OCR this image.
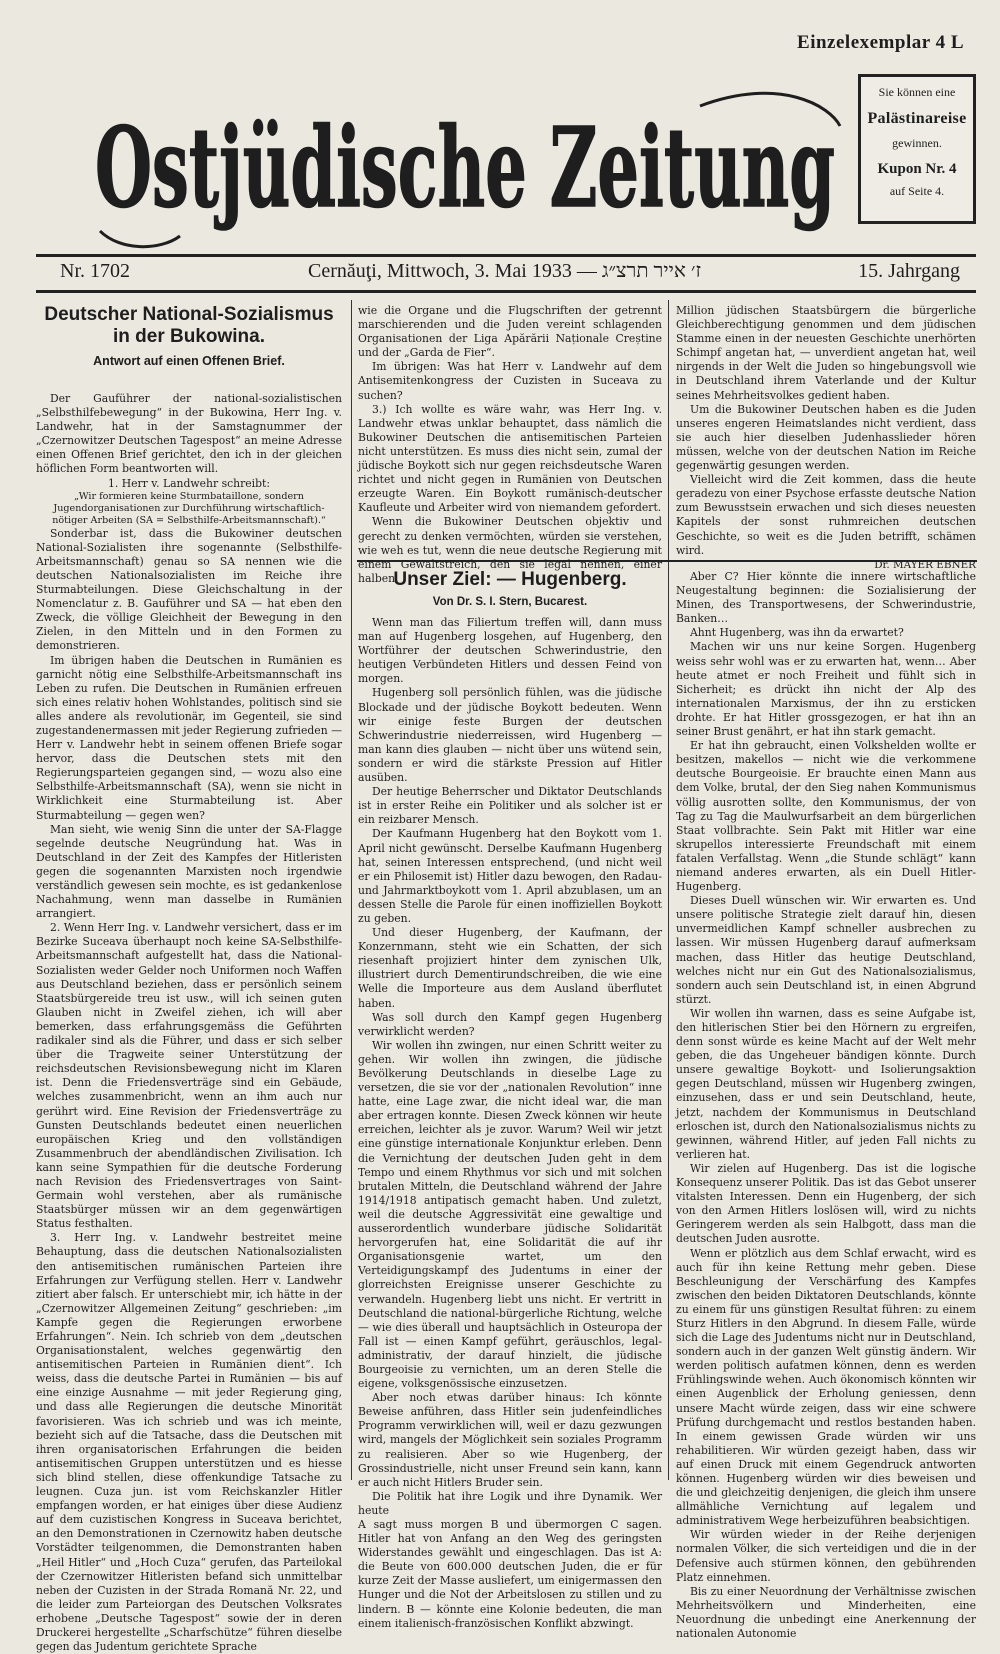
Einzelexemplar 4 L
Ostjüdische Zeitung
Sie können eine
Palästinareise
gewinnen.
Kupon Nr. 4
auf Seite 4.
Nr. 1702	Cernăuţi, Mittwoch, 3. Mai 1933 — ז׳ אייר תרצ״ג	15. Jahrgang
Deutscher National-Sozialismus in der Bukowina.
Antwort auf einen Offenen Brief.

Der Gauführer der national-sozialistischen „Selbsthilfebewegung“ in der Bukowina, Herr Ing. v. Landwehr, hat in der Samstagnummer der „Czernowitzer Deutschen Tagespost“ an meine Adresse einen Offenen Brief gerichtet, den ich in der gleichen höflichen Form beantworten will.

1. Herr v. Landwehr schreibt:

„Wir formieren keine Sturmbataillone, sondern Jugendorganisationen zur Durchführung wirtschaftlich-nötiger Arbeiten (SA = Selbsthilfe-Arbeitsmannschaft).“

Sonderbar ist, dass die Bukowiner deutschen National-Sozialisten ihre sogenannte (Selbsthilfe-Arbeitsmannschaft) genau so SA nennen wie die deutschen Nationalsozialisten im Reiche ihre Sturmabteilungen. Diese Gleichschaltung in der Nomenclatur z. B. Gauführer und SA — hat eben den Zweck, die völlige Gleichheit der Bewegung in den Zielen, in den Mitteln und in den Formen zu demonstrieren.

Im übrigen haben die Deutschen in Rumänien es garnicht nötig eine Selbsthilfe-Arbeitsmannschaft ins Leben zu rufen. Die Deutschen in Rumänien erfreuen sich eines relativ hohen Wohlstandes, politisch sind sie alles andere als revolutionär, im Gegenteil, sie sind zugestandenermassen mit jeder Regierung zufrieden — Herr v. Landwehr hebt in seinem offenen Briefe sogar hervor, dass die Deutschen stets mit den Regierungsparteien gegangen sind, — wozu also eine Selbsthilfe-Arbeitsmannschaft (SA), wenn sie nicht in Wirklichkeit eine Sturmabteilung ist. Aber Sturmabteilung — gegen wen?

Man sieht, wie wenig Sinn die unter der SA-Flagge segelnde deutsche Neugründung hat. Was in Deutschland in der Zeit des Kampfes der Hitleristen gegen die sogenannten Marxisten noch irgendwie verständlich gewesen sein mochte, es ist gedankenlose Nachahmung, wenn man dasselbe in Rumänien arrangiert.

2. Wenn Herr Ing. v. Landwehr versichert, dass er im Bezirke Suceava überhaupt noch keine SA-Selbsthilfe-Arbeitsmannschaft aufgestellt hat, dass die National-Sozialisten weder Gelder noch Uniformen noch Waffen aus Deutschland beziehen, dass er persönlich seinem Staatsbürgereide treu ist usw., will ich seinen guten Glauben nicht in Zweifel ziehen, ich will aber bemerken, dass erfahrungsgemäss die Geführten radikaler sind als die Führer, und dass er sich selber über die Tragweite seiner Unterstützung der reichsdeutschen Revisionsbewegung nicht im Klaren ist. Denn die Friedensverträge sind ein Gebäude, welches zusammenbricht, wenn an ihm auch nur gerührt wird. Eine Revision der Friedensverträge zu Gunsten Deutschlands bedeutet einen neuerlichen europäischen Krieg und den vollständigen Zusammenbruch der abendländischen Zivilisation. Ich kann seine Sympathien für die deutsche Forderung nach Revision des Friedensvertrages von Saint-Germain wohl verstehen, aber als rumänische Staatsbürger müssen wir an dem gegenwärtigen Status festhalten.

3. Herr Ing. v. Landwehr bestreitet meine Behauptung, dass die deutschen Nationalsozialisten den antisemitischen rumänischen Parteien ihre Erfahrungen zur Verfügung stellen. Herr v. Landwehr zitiert aber falsch. Er unterschiebt mir, ich hätte in der „Czernowitzer Allgemeinen Zeitung“ geschrieben: „im Kampfe gegen die Regierungen erworbene Erfahrungen“. Nein. Ich schrieb von dem „deutschen Organisationstalent, welches gegenwärtig den antisemitischen Parteien in Rumänien dient“. Ich weiss, dass die deutsche Partei in Rumänien — bis auf eine einzige Ausnahme — mit jeder Regierung ging, und dass alle Regierungen die deutsche Minorität favorisieren. Was ich schrieb und was ich meinte, bezieht sich auf die Tatsache, dass die Deutschen mit ihren organisatorischen Erfahrungen die beiden antisemitischen Gruppen unterstützen und es hiesse sich blind stellen, diese offenkundige Tatsache zu leugnen. Cuza jun. ist vom Reichskanzler Hitler empfangen worden, er hat einiges über diese Audienz auf dem cuzistischen Kongress in Suceava berichtet, an den Demonstrationen in Czernowitz haben deutsche Vorstädter teilgenommen, die Demonstranten haben „Heil Hitler“ und „Hoch Cuza“ gerufen, das Parteilokal der Czernowitzer Hitleristen befand sich unmittelbar neben der Cuzisten in der Strada Romană Nr. 22, und die leider zum Parteiorgan des Deutschen Volksrates erhobene „Deutsche Tagespost“ sowie der in deren Druckerei hergestellte „Scharfschütze“ führen dieselbe gegen das Judentum gerichtete Sprache

wie die Organe und die Flugschriften der getrennt marschierenden und die Juden vereint schlagenden Organisationen der Liga Apărării Naționale Creștine und der „Garda de Fier“.

Im übrigen: Was hat Herr v. Landwehr auf dem Antisemitenkongress der Cuzisten in Suceava zu suchen?

3.) Ich wollte es wäre wahr, was Herr Ing. v. Landwehr etwas unklar behauptet, dass nämlich die Bukowiner Deutschen die antisemitischen Parteien nicht unterstützen. Es muss dies nicht sein, zumal der jüdische Boykott sich nur gegen reichsdeutsche Waren richtet und nicht gegen in Rumänien von Deutschen erzeugte Waren. Ein Boykott rumänisch-deutscher Kaufleute und Arbeiter wird von niemandem gefordert.

Wenn die Bukowiner Deutschen objektiv und gerecht zu denken vermöchten, würden sie verstehen, wie weh es tut, wenn die neue deutsche Regierung mit einem Gewaltstreich, den sie legal nennen, einer halben

Million jüdischen Staatsbürgern die bürgerliche Gleichberechtigung genommen und dem jüdischen Stamme einen in der neuesten Geschichte unerhörten Schimpf angetan hat, — unverdient angetan hat, weil nirgends in der Welt die Juden so hingebungsvoll wie in Deutschland ihrem Vaterlande und der Kultur seines Mehrheitsvolkes gedient haben.

Um die Bukowiner Deutschen haben es die Juden unseres engeren Heimatslandes nicht verdient, dass sie auch hier dieselben Judenhasslieder hören müssen, welche von der deutschen Nation im Reiche gegenwärtig gesungen werden.

Vielleicht wird die Zeit kommen, dass die heute geradezu von einer Psychose erfasste deutsche Nation zum Bewusstsein erwachen und sich dieses neuesten Kapitels der sonst ruhmreichen deutschen Geschichte, so weit es die Juden betrifft, schämen wird.

Dr. MAYER EBNER

Unser Ziel: — Hugenberg.
Von Dr. S. I. Stern, Bucarest.

Wenn man das Filiertum treffen will, dann muss man auf Hugenberg losgehen, auf Hugenberg, den Wortführer der deutschen Schwerindustrie, den heutigen Verbündeten Hitlers und dessen Feind von morgen.

Hugenberg soll persönlich fühlen, was die jüdische Blockade und der jüdische Boykott bedeuten. Wenn wir einige feste Burgen der deutschen Schwerindustrie niederreissen, wird Hugenberg — man kann dies glauben — nicht über uns wütend sein, sondern er wird die stärkste Pression auf Hitler ausüben.

Der heutige Beherrscher und Diktator Deutschlands ist in erster Reihe ein Politiker und als solcher ist er ein reizbarer Mensch.

Der Kaufmann Hugenberg hat den Boykott vom 1. April nicht gewünscht. Derselbe Kaufmann Hugenberg hat, seinen Interessen entsprechend, (und nicht weil er ein Philosemit ist) Hitler dazu bewogen, den Radau- und Jahrmarktboykott vom 1. April abzublasen, um an dessen Stelle die Parole für einen inoffiziellen Boykott zu geben.

Und dieser Hugenberg, der Kaufmann, der Konzernmann, steht wie ein Schatten, der sich riesenhaft projiziert hinter dem zynischen Ulk, illustriert durch Dementirundschreiben, die wie eine Welle die Importeure aus dem Ausland überflutet haben.

Was soll durch den Kampf gegen Hugenberg verwirklicht werden?

Wir wollen ihn zwingen, nur einen Schritt weiter zu gehen. Wir wollen ihn zwingen, die jüdische Bevölkerung Deutschlands in dieselbe Lage zu versetzen, die sie vor der „nationalen Revolution“ inne hatte, eine Lage zwar, die nicht ideal war, die man aber ertragen konnte. Diesen Zweck können wir heute erreichen, leichter als je zuvor. Warum? Weil wir jetzt eine günstige internationale Konjunktur erleben. Denn die Vernichtung der deutschen Juden geht in dem Tempo und einem Rhythmus vor sich und mit solchen brutalen Mitteln, die Deutschland während der Jahre 1914/1918 antipatisch gemacht haben. Und zuletzt, weil die deutsche Aggressivität eine gewaltige und ausserordentlich wunderbare jüdische Solidarität hervorgerufen hat, eine Solidarität die auf ihr Organisationsgenie wartet, um den Verteidigungskampf des Judentums in einer der glorreichsten Ereignisse unserer Geschichte zu verwandeln. Hugenberg liebt uns nicht. Er vertritt in Deutschland die national-bürgerliche Richtung, welche — wie dies überall und hauptsächlich in Osteuropa der Fall ist — einen Kampf geführt, geräuschlos, legal-administrativ, der darauf hinzielt, die jüdische Bourgeoisie zu vernichten, um an deren Stelle die eigene, volksgenössische einzusetzen.

Aber noch etwas darüber hinaus: Ich könnte Beweise anführen, dass Hitler sein judenfeindliches Programm verwirklichen will, weil er dazu gezwungen wird, mangels der Möglichkeit sein soziales Programm zu realisieren. Aber so wie Hugenberg, der Grossindustrielle, nicht unser Freund sein kann, kann er auch nicht Hitlers Bruder sein.

Die Politik hat ihre Logik und ihre Dynamik. Wer heute

A sagt muss morgen B und übermorgen C sagen. Hitler hat von Anfang an den Weg des geringsten Widerstandes gewählt und eingeschlagen. Das ist A: die Beute von 600.000 deutschen Juden, die er für kurze Zeit der Masse ausliefert, um einigermassen den Hunger und die Not der Arbeitslosen zu stillen und zu lindern. B — könnte eine Kolonie bedeuten, die man einem italienisch-französischen Konflikt abzwingt.

Aber C? Hier könnte die innere wirtschaftliche Neugestaltung beginnen: die Sozialisierung der Minen, des Transportwesens, der Schwerindustrie, Banken…

Ahnt Hugenberg, was ihn da erwartet?

Machen wir uns nur keine Sorgen. Hugenberg weiss sehr wohl was er zu erwarten hat, wenn… Aber heute atmet er noch Freiheit und fühlt sich in Sicherheit; es drückt ihn nicht der Alp des internationalen Marxismus, der ihn zu ersticken drohte. Er hat Hitler grossgezogen, er hat ihn an seiner Brust genährt, er hat ihn stark gemacht.

Er hat ihn gebraucht, einen Volkshelden wollte er besitzen, makellos — nicht wie die verkommene deutsche Bourgeoisie. Er brauchte einen Mann aus dem Volke, brutal, der den Sieg nahen Kommunismus völlig ausrotten sollte, den Kommunismus, der von Tag zu Tag die Maulwurfsarbeit an dem bürgerlichen Staat vollbrachte. Sein Pakt mit Hitler war eine skrupellos interessierte Freundschaft mit einem fatalen Verfallstag. Wenn „die Stunde schlägt“ kann niemand anderes erwarten, als ein Duell Hitler-Hugenberg.

Dieses Duell wünschen wir. Wir erwarten es. Und unsere politische Strategie zielt darauf hin, diesen unvermeidlichen Kampf schneller ausbrechen zu lassen. Wir müssen Hugenberg darauf aufmerksam machen, dass Hitler das heutige Deutschland, welches nicht nur ein Gut des Nationalsozialismus, sondern auch sein Deutschland ist, in einen Abgrund stürzt.

Wir wollen ihn warnen, dass es seine Aufgabe ist, den hitlerischen Stier bei den Hörnern zu ergreifen, denn sonst würde es keine Macht auf der Welt mehr geben, die das Ungeheuer bändigen könnte. Durch unsere gewaltige Boykott- und Isolierungsaktion gegen Deutschland, müssen wir Hugenberg zwingen, einzusehen, dass er und sein Deutschland, heute, jetzt, nachdem der Kommunismus in Deutschland erloschen ist, durch den Nationalsozialismus nichts zu gewinnen, während Hitler, auf jeden Fall nichts zu verlieren hat.

Wir zielen auf Hugenberg. Das ist die logische Konsequenz unserer Politik. Das ist das Gebot unserer vitalsten Interessen. Denn ein Hugenberg, der sich von den Armen Hitlers loslösen will, wird zu nichts Geringerem werden als sein Halbgott, dass man die deutschen Juden ausrotte.

Wenn er plötzlich aus dem Schlaf erwacht, wird es auch für ihn keine Rettung mehr geben. Diese Beschleunigung der Verschärfung des Kampfes zwischen den beiden Diktatoren Deutschlands, könnte zu einem für uns günstigen Resultat führen: zu einem Sturz Hitlers in den Abgrund. In diesem Falle, würde sich die Lage des Judentums nicht nur in Deutschland, sondern auch in der ganzen Welt günstig ändern. Wir werden politisch aufatmen können, denn es werden Frühlingswinde wehen. Auch ökonomisch könnten wir einen Augenblick der Erholung geniessen, denn unsere Macht würde zeigen, dass wir eine schwere Prüfung durchgemacht und restlos bestanden haben. In einem gewissen Grade würden wir uns rehabilitieren. Wir würden gezeigt haben, dass wir auf einen Druck mit einem Gegendruck antworten können. Hugenberg würden wir dies beweisen und die und gleichzeitig denjenigen, die gleich ihm unsere allmähliche Vernichtung auf legalem und administrativem Wege herbeizuführen beabsichtigen.

Wir würden wieder in der Reihe derjenigen normalen Völker, die sich verteidigen und die in der Defensive auch stürmen können, den gebührenden Platz einnehmen.

Bis zu einer Neuordnung der Verhältnisse zwischen Mehrheitsvölkern und Minderheiten, eine Neuordnung die unbedingt eine Anerkennung der nationalen Autonomie
